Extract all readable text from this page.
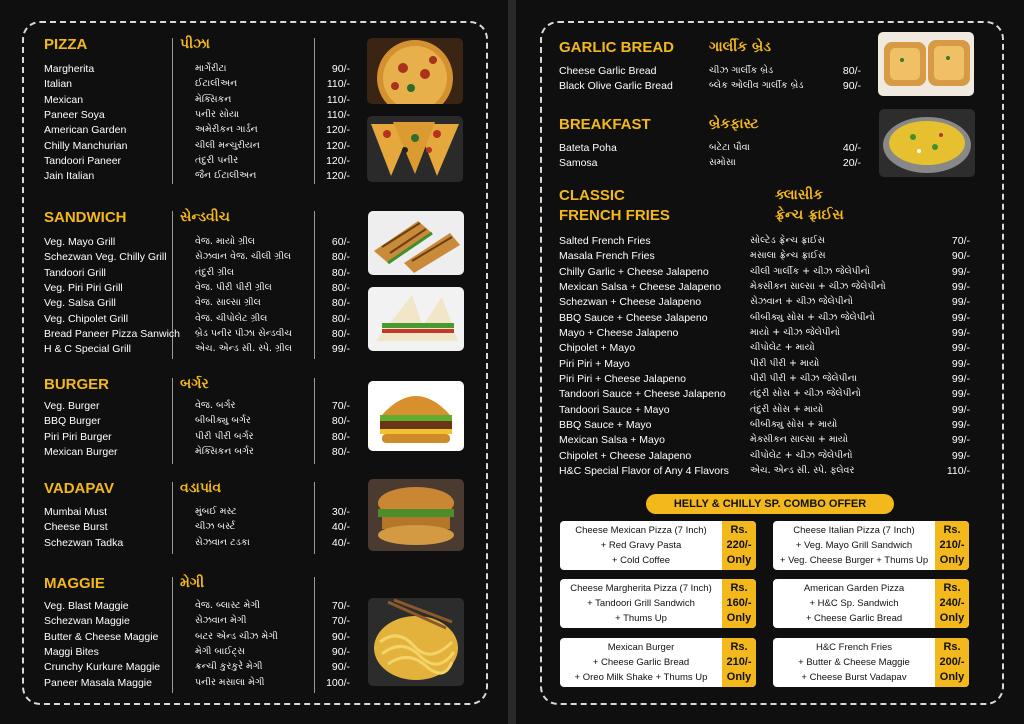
PIZZA	પીઝા
Margherita	માર્ગેરીટા	90/-
Italian	ઈટાલીઅન	110/-
Mexican	મેક્સિકન	110/-
Paneer Soya	પનીર સોયા	110/-
American Garden	અમેરીકન ગાર્ડન	120/-
Chilly Manchurian	ચીલી મન્ચુરીયન	120/-
Tandoori Paneer	તંદુરી પનીર	120/-
Jain Italian	જૈન ઈટાલીઅન	120/-
SANDWICH	સેન્ડવીચ
Veg. Mayo Grill	વેજ. માયો ગ્રીલ	60/-
Schezwan Veg. Chilly Grill	સેઝવાન વેજ. ચીલી ગ્રીલ	80/-
Tandoori Grill	તંદુરી ગ્રીલ	80/-
Veg. Piri Piri Grill	વેજ. પીરી પીરી ગ્રીલ	80/-
Veg. Salsa Grill	વેજ. સાલ્સા ગ્રીલ	80/-
Veg. Chipolet Grill	વેજ. ચીપોલેટ ગ્રીલ	80/-
Bread Paneer Pizza Sanwich બ્રેડ પનીર પીઝા સેન્ડવીચ	80/-
H & C Special Grill	એચ. એન્ડ સી. સ્પે. ગ્રીલ	99/-
BURGER	બર્ગર
Veg. Burger	વેજ. બર્ગર	70/-
BBQ Burger	બીબીક્યુ બર્ગર	80/-
Piri Piri Burger	પીરી પીરી બર્ગર	80/-
Mexican Burger	મેક્સિકન બર્ગર	80/-
VADAPAV	વડાપાંવ
Mumbai Must	મુંબઈ મસ્ટ	30/-
Cheese Burst	ચીઝ બર્સ્ટ	40/-
Schezwan Tadka	સેઝવાન ટડકા	40/-
MAGGIE	મેગી
Veg. Blast Maggie	વેજ. બ્લાસ્ટ મેગી	70/-
Schezwan Maggie	સેઝવાન મેગી	70/-
Butter & Cheese Maggie	બટર એન્ડ ચીઝ મેગી	90/-
Maggi Bites	મેગી બાઈટ્સ	90/-
Crunchy Kurkure Maggie	ક્રન્ચી કુરકુરે મેગી	90/-
Paneer Masala Maggie	પનીર મસાલા મેગી	100/-
GARLIC BREAD	ગાર્લીક બ્રેડ
Cheese Garlic Bread	ચીઝ ગાર્લીક બ્રેડ	80/-
Black Olive Garlic Bread	બ્લેક ઓલીવ ગાર્લીક બ્રેડ	90/-
BREAKFAST	બ્રેકફાસ્ટ
Bateta Poha	બટેટા પૌવા	40/-
Samosa	સમોસા	20/-
CLASSIC
FRENCH FRIES
ક્લાસીક
ફ્રેન્ચ ફ્રાઈસ
Salted French Fries	સોલ્ટેડ ફ્રેન્ચ ફ્રાઈસ	70/-
Masala French Fries	મસાલા ફ્રેન્ચ ફ્રાઈસ	90/-
Chilly Garlic + Cheese Jalapeno	ચીલી ગાર્લીક + ચીઝ જેલેપીનો	99/-
Mexican Salsa + Cheese Jalapeno	મેક્સીકન સાલ્સા + ચીઝ જેલેપીનો	99/-
Schezwan + Cheese Jalapeno	સેઝવાન + ચીઝ જેલેપીનો	99/-
BBQ Sauce + Cheese Jalapeno	બીબીક્યુ સોસ + ચીઝ જેલેપીનો	99/-
Mayo + Cheese Jalapeno	માયો + ચીઝ જેલેપીનો	99/-
Chipolet + Mayo	ચીપોલેટ + માયો	99/-
Piri Piri + Mayo	પીરી પીરી + માયો	99/-
Piri Piri + Cheese Jalapeno	પીરી પીરી + ચીઝ જેલેપીના	99/-
Tandoori Sauce + Cheese Jalapeno	તંદુરી સોસ + ચીઝ જેલેપીનો	99/-
Tandoori Sauce + Mayo	તંદુરી સોસ + માયો	99/-
BBQ Sauce + Mayo	બીબીક્યુ સોસ + માયો	99/-
Mexican Salsa + Mayo	મેક્સીકન સાલ્સા + માયો	99/-
Chipolet + Cheese Jalapeno	ચીપોલેટ + ચીઝ જેલેપીનો	99/-
H&C Special Flavor of Any 4 Flavors એચ. એન્ડ સી. સ્પે. ફ્લેવર	110/-
HELLY & CHILLY SP. COMBO OFFER
Cheese Mexican Pizza (7 Inch)
+ Red Gravy Pasta
+ Cold Coffee
Rs.
220/-
Only
Cheese Italian Pizza (7 Inch)
+ Veg. Mayo Grill Sandwich
+ Veg. Cheese Burger + Thums Up
Rs.
210/-
Only
Cheese Margherita Pizza (7 Inch)
+ Tandoori Grill Sandwich
+ Thums Up
Rs.
160/-
Only
American Garden Pizza
+ H&C Sp. Sandwich
+ Cheese Garlic Bread
Rs.
240/-
Only
Mexican Burger
+ Cheese Garlic Bread
+ Oreo Milk Shake + Thums Up
Rs.
210/-
Only
H&C French Fries
+ Butter & Cheese Maggie
+ Cheese Burst Vadapav
Rs.
200/-
Only
